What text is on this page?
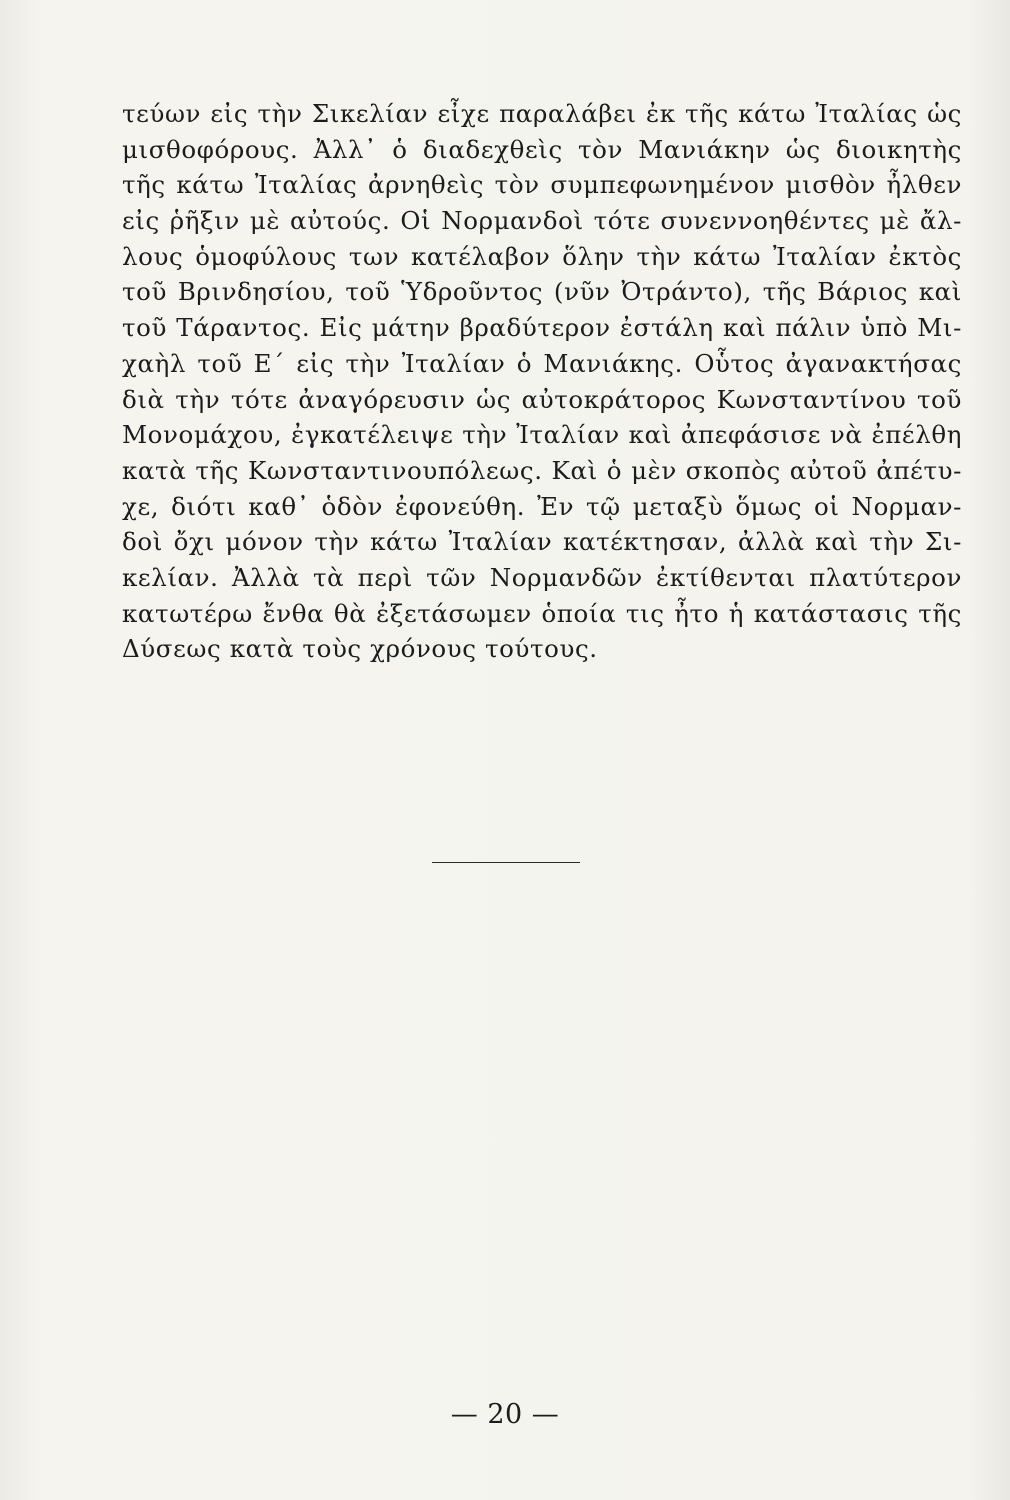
τεύων εἰς τὴν Σικελίαν εἶχε παραλάβει ἐκ τῆς κάτω Ἰταλίας ὡς
μισθοφόρους. Ἀλλ᾽ ὁ διαδεχθεὶς τὸν Μανιάκην ὡς διοικητὴς
τῆς κάτω Ἰταλίας ἀρνηθεὶς τὸν συμπεφωνημένον μισθὸν ἦλθεν
εἰς ῥῆξιν μὲ αὐτούς. Οἱ Νορμανδοὶ τότε συνεννοηθέντες μὲ ἄλ-
λους ὁμοφύλους των κατέλαβον ὅλην τὴν κάτω Ἰταλίαν ἐκτὸς
τοῦ Βρινδησίου, τοῦ Ὑδροῦντος (νῦν Ὀτράντο), τῆς Βάριος καὶ
τοῦ Τάραντος. Εἰς μάτην βραδύτερον ἐστάλη καὶ πάλιν ὑπὸ Μι-
χαὴλ τοῦ Ε΄ εἰς τὴν Ἰταλίαν ὁ Μανιάκης. Οὗτος ἀγανακτήσας
διὰ τὴν τότε ἀναγόρευσιν ὡς αὐτοκράτορος Κωνσταντίνου τοῦ
Μονομάχου, ἐγκατέλειψε τὴν Ἰταλίαν καὶ ἀπεφάσισε νὰ ἐπέλθη
κατὰ τῆς Κωνσταντινουπόλεως. Καὶ ὁ μὲν σκοπὸς αὐτοῦ ἀπέτυ-
χε, διότι καθ᾽ ὁδὸν ἐφονεύθη. Ἐν τῷ μεταξὺ ὅμως οἱ Νορμαν-
δοὶ ὄχι μόνον τὴν κάτω Ἰταλίαν κατέκτησαν, ἀλλὰ καὶ τὴν Σι-
κελίαν. Ἀλλὰ τὰ περὶ τῶν Νορμανδῶν ἐκτίθενται πλατύτερον
κατωτέρω ἔνθα θὰ ἐξετάσωμεν ὁποία τις ἦτο ἡ κατάστασις τῆς
Δύσεως κατὰ τοὺς χρόνους τούτους.
— 20 —
